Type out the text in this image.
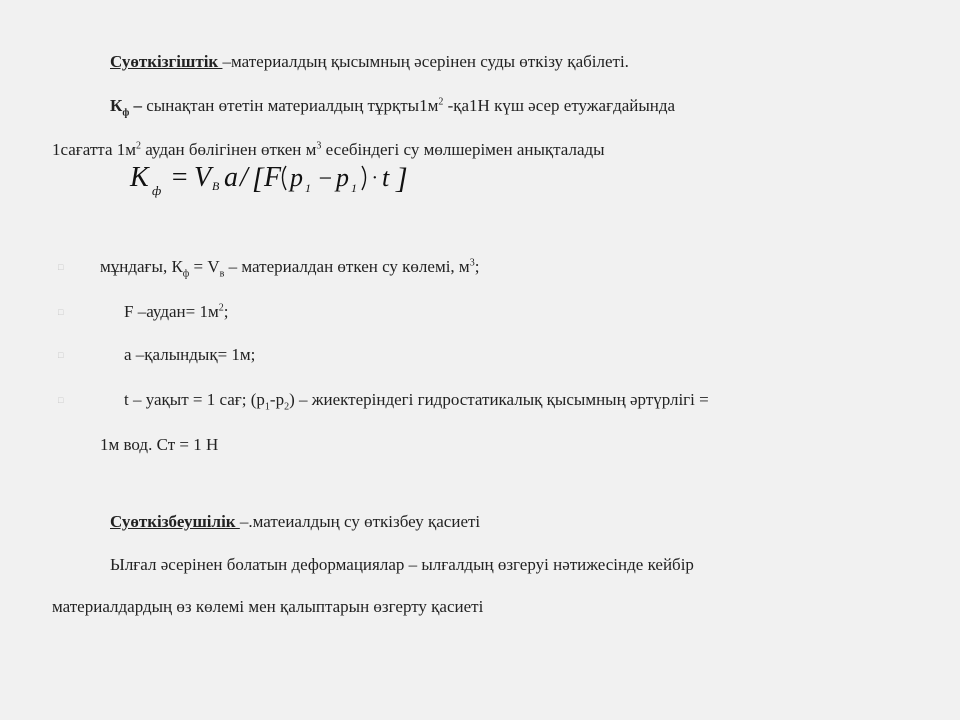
Суөткізгіштік –материалдың қысымның әсерінен суды өткізу қабілеті.
$К_ф$ – сынақтан өтетін материалдың $тұрқты1м^2$ -қа1Н күш әсер етужағдайында
1сағатта $1м^2$ аудан бөлігінен өткен $м^3$ есебіндегі су мөлшерімен анықталады
K ф = V B a / [ F p 1 − p 1 · t ]
□ мұндағы, $К_ф = V_в$ – материалдан өткен су көлемі, $м^3$;
□	F –аудан= $1м^2$;
□	а –қалындық= 1м;
□	t – уақыт = 1 сағ; $(р_1-р_2)$ – жиектеріндегі гидростатикалық қысымның әртүрлігі =
1м вод. Ст = 1 Н
Суөткізбеушілік –.матеиалдың су өткізбеу қасиеті
Ылғал әсерінен болатын деформациялар – ылғалдың өзгеруі нәтижесінде кейбір
материалдардың өз көлемі мен қалыптарын өзгерту қасиеті
